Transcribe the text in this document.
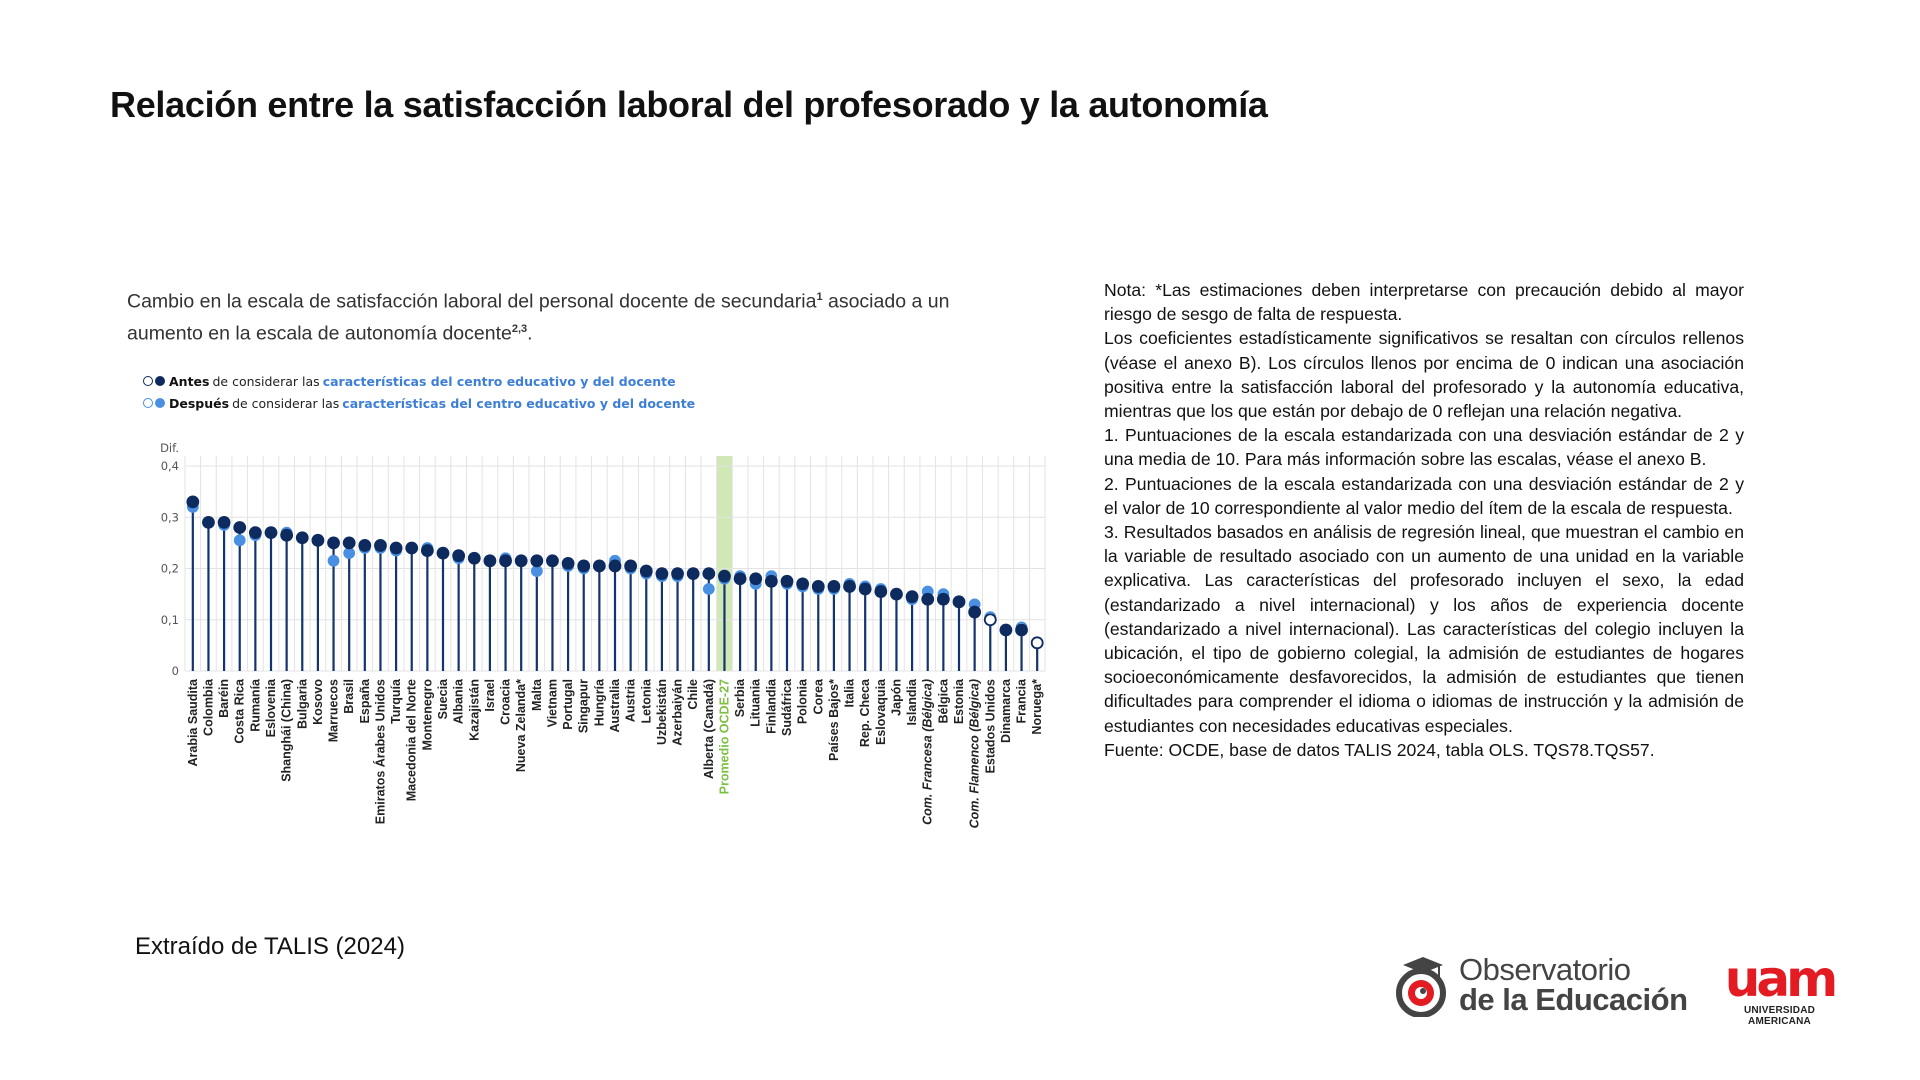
Relación entre la satisfacción laboral del profesorado y la autonomía
Cambio en la escala de satisfacción laboral del personal docente de secundaria$^1$ asociado a un aumento en la escala de autonomía docente$^{2,3}$.
Antes de considerar las características del centro educativo y del docente
Después de considerar las características del centro educativo y del docente
0
0,1
0,2
0,3
0,4
Dif.
Arabia Saudita Colombia Baréin Costa Rica Rumanía Eslovenia Shanghái (China) Bulgaria Kosovo Marruecos Brasil España Emiratos Árabes Unidos Turquía Macedonia del Norte Montenegro Suecia Albania Kazajistán Israel Croacia Nueva Zelanda* Malta Vietnam Portugal Singapur Hungría Australia Austria Letonia Uzbekistán Azerbaiyán Chile Alberta (Canadá) Promedio OCDE-27 Serbia Lituania Finlandia Sudáfrica Polonia Corea Países Bajos* Italia Rep. Checa Eslovaquia Japón Islandia Com. Francesa (Bélgica) Bélgica Estonia Com. Flamenco (Bélgica) Estados Unidos Dinamarca Francia Noruega*

Nota: *Las estimaciones deben interpretarse con precaución debido al mayor riesgo de sesgo de falta de respuesta.

Los coeficientes estadísticamente significativos se resaltan con círculos rellenos (véase el anexo B). Los círculos llenos por encima de 0 indican una asociación positiva entre la satisfacción laboral del profesorado y la autonomía educativa, mientras que los que están por debajo de 0 reflejan una relación negativa.

1. Puntuaciones de la escala estandarizada con una desviación estándar de 2 y una media de 10. Para más información sobre las escalas, véase el anexo B.

2. Puntuaciones de la escala estandarizada con una desviación estándar de 2 y el valor de 10 correspondiente al valor medio del ítem de la escala de respuesta.

3. Resultados basados en análisis de regresión lineal, que muestran el cambio en la variable de resultado asociado con un aumento de una unidad en la variable explicativa. Las características del profesorado incluyen el sexo, la edad (estandarizado a nivel internacional) y los años de experiencia docente (estandarizado a nivel internacional). Las características del colegio incluyen la ubicación, el tipo de gobierno colegial, la admisión de estudiantes de hogares socioeconómicamente desfavorecidos, la admisión de estudiantes que tienen dificultades para comprender el idioma o idiomas de instrucción y la admisión de estudiantes con necesidades educativas especiales.

Fuente: OCDE, base de datos TALIS 2024, tabla OLS. TQS78.TQS57.

Extraído de TALIS (2024)
Observatorio
de la Educación uam
UNIVERSIDAD AMERICANA
